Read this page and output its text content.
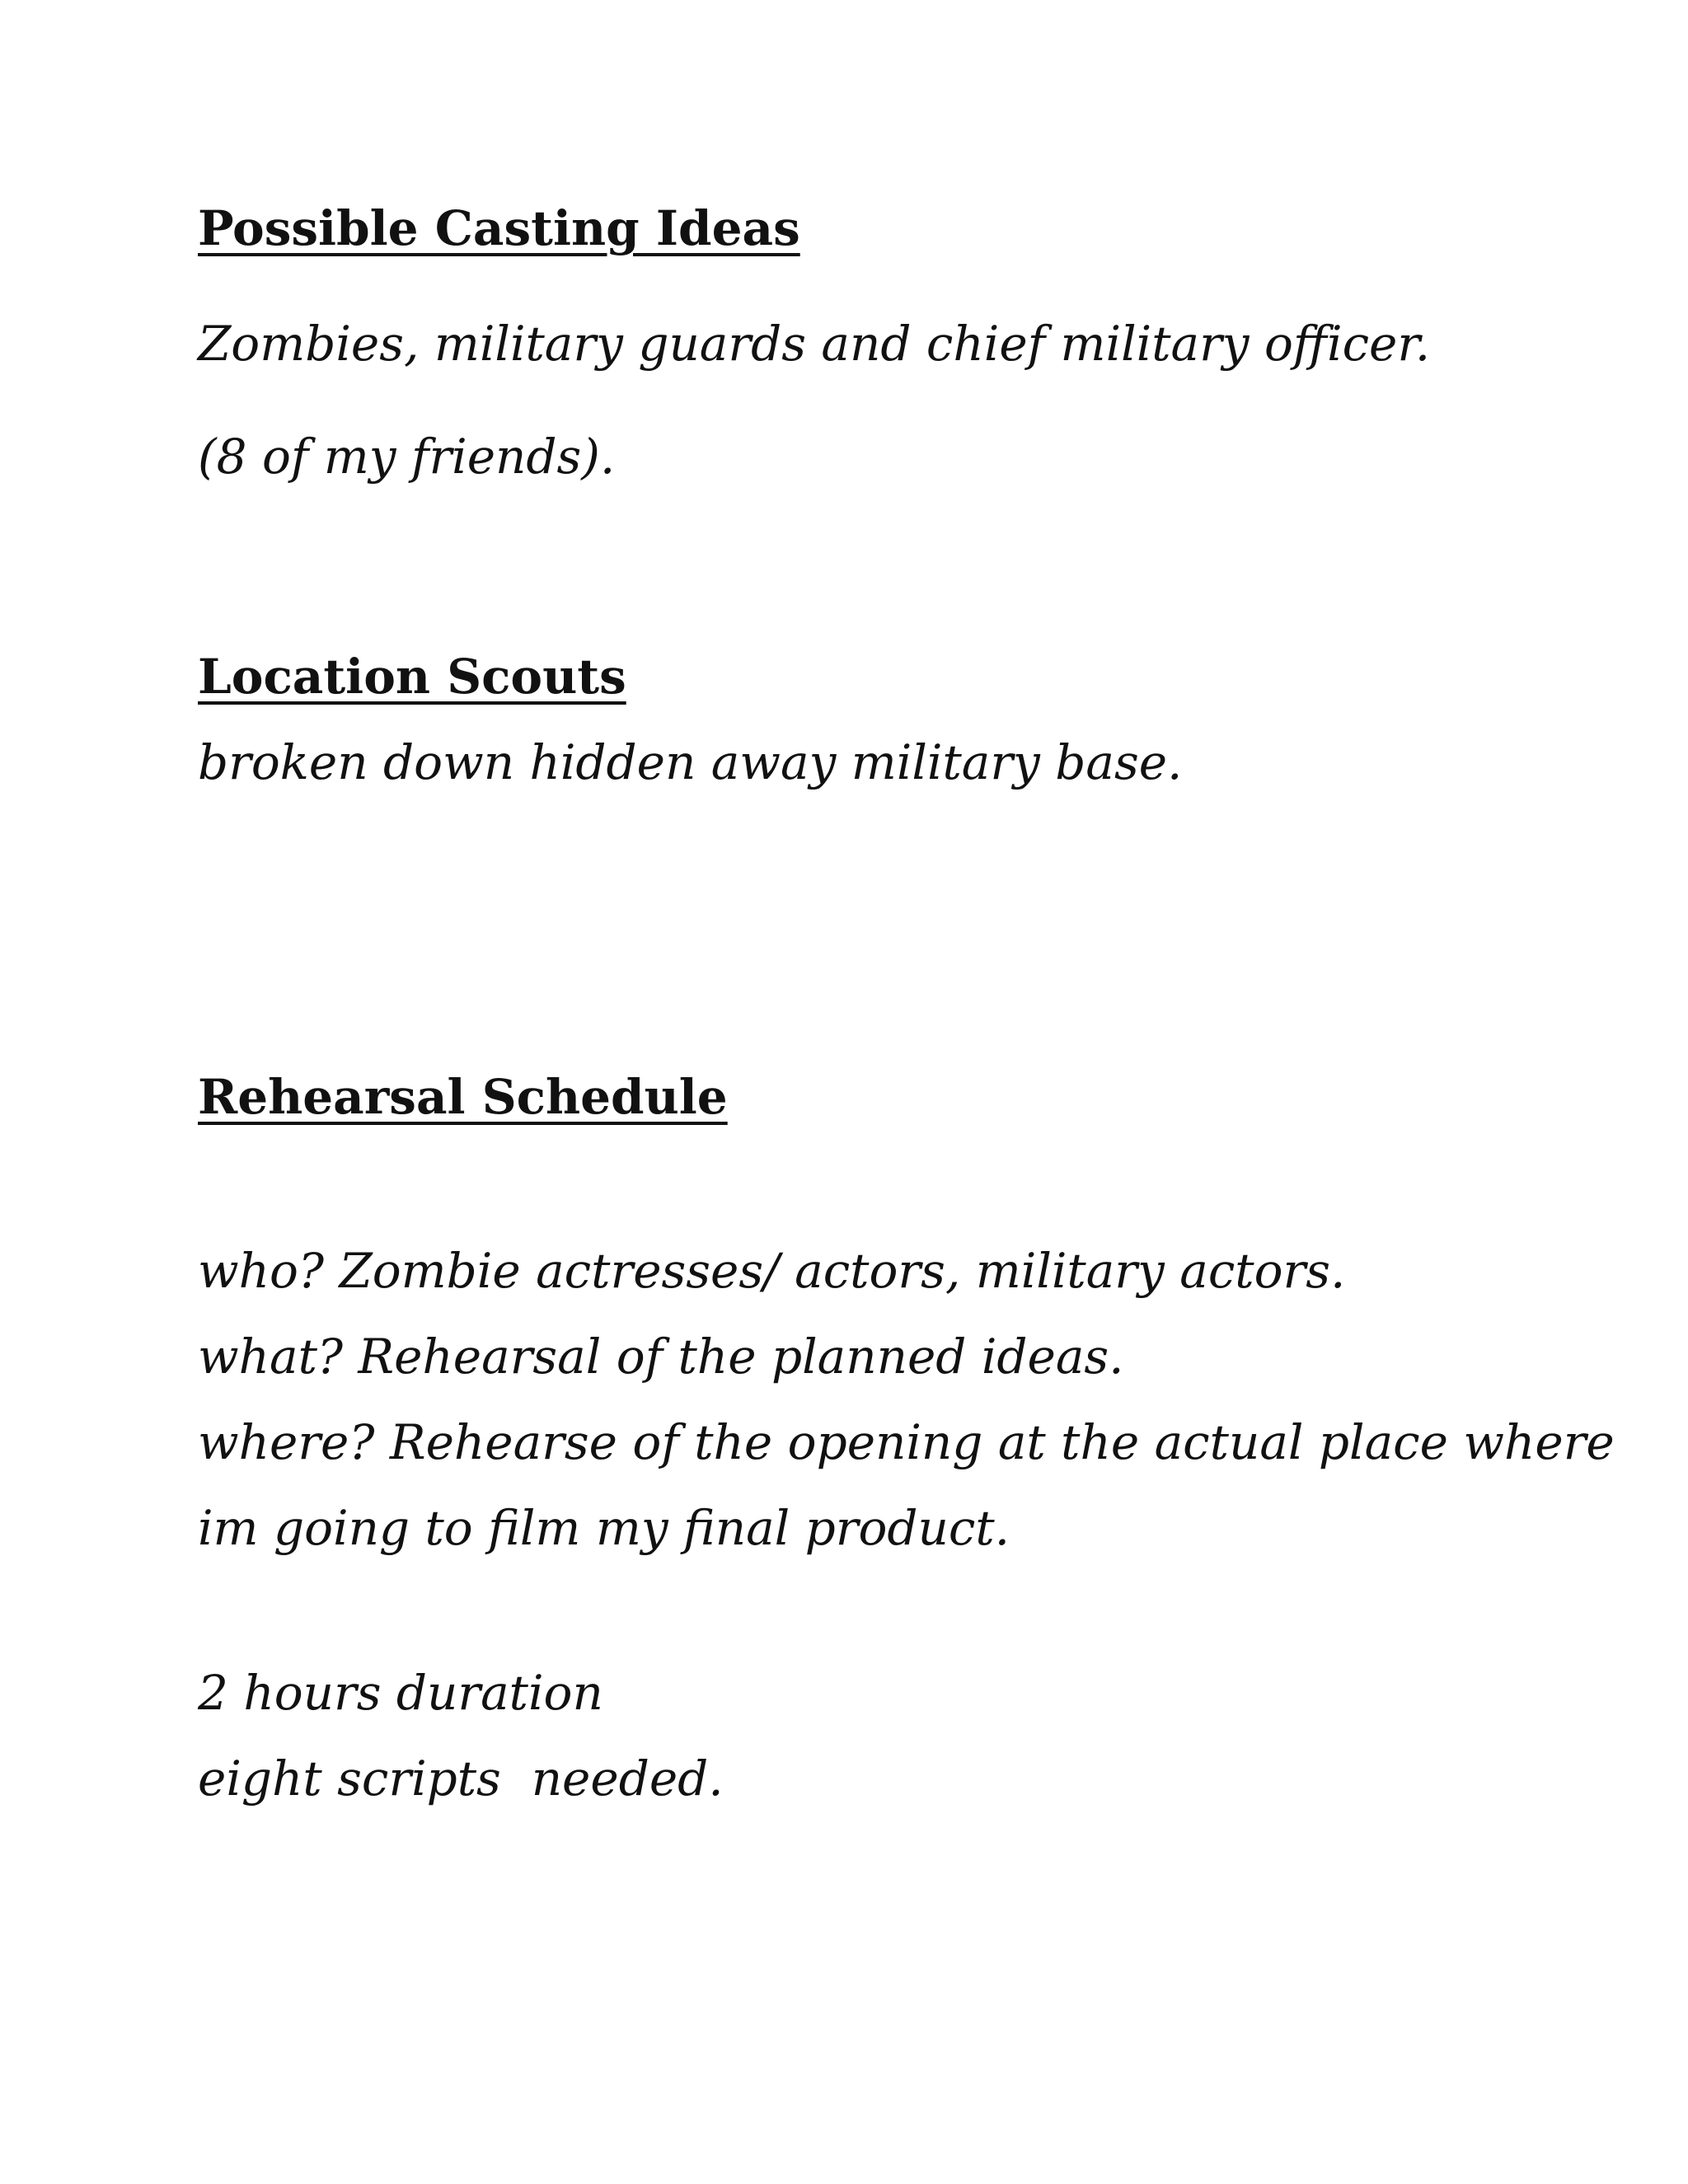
Possible Casting Ideas

Zombies, military guards and chief military officer.

(8 of my friends).

Location Scouts

broken down hidden away military base.

Rehearsal Schedule

who? Zombie actresses/ actors, military actors.

what? Rehearsal of the planned ideas.

where? Rehearse of the opening at the actual place where

im going to film my final product.

2 hours duration

eight scripts  needed.
